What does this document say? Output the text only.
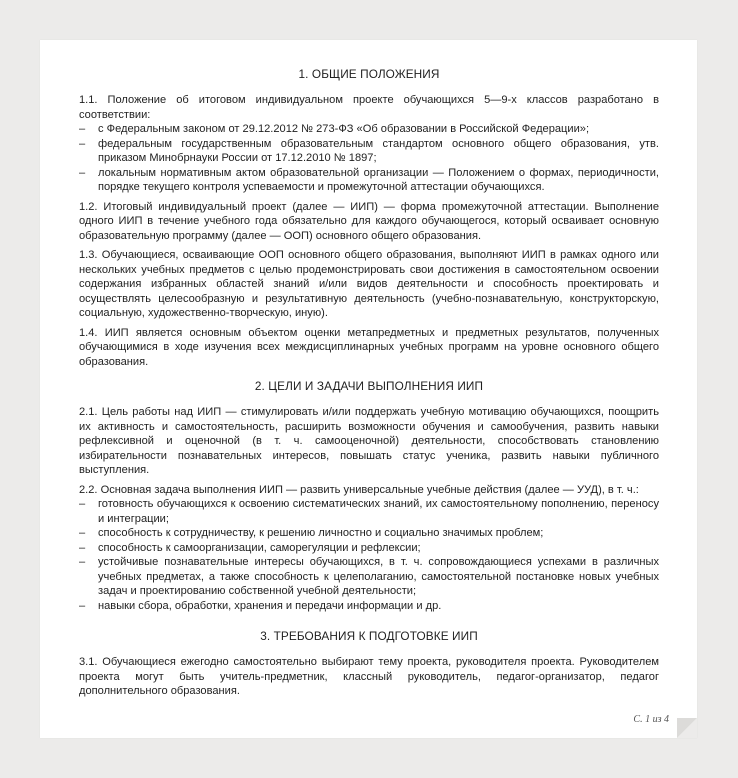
1. ОБЩИЕ ПОЛОЖЕНИЯ

1.1. Положение об итоговом индивидуальном проекте обучающихся 5—9-х классов разработано в соответствии:

– с Федеральным законом от 29.12.2012 № 273-ФЗ «Об образовании в Российской Федерации»;
– федеральным государственным образовательным стандартом основного общего образования, утв. приказом Минобрнауки России от 17.12.2010 № 1897;
– локальным нормативным актом образовательной организации — Положением о формах, периодичности, порядке текущего контроля успеваемости и промежуточной аттестации обучающихся.

1.2. Итоговый индивидуальный проект (далее — ИИП) — форма промежуточной аттестации. Выполнение одного ИИП в течение учебного года обязательно для каждого обучающегося, который осваивает основную образовательную программу (далее — ООП) основного общего образования.

1.3. Обучающиеся, осваивающие ООП основного общего образования, выполняют ИИП в рамках одного или нескольких учебных предметов с целью продемонстрировать свои достижения в самостоятельном освоении содержания избранных областей знаний и/или видов деятельности и способность проектировать и осуществлять целесообразную и результативную деятельность (учебно-познавательную, конструкторскую, социальную, художественно-творческую, иную).

1.4. ИИП является основным объектом оценки метапредметных и предметных результатов, полученных обучающимися в ходе изучения всех междисциплинарных учебных программ на уровне основного общего образования.

2. ЦЕЛИ И ЗАДАЧИ ВЫПОЛНЕНИЯ ИИП

2.1. Цель работы над ИИП — стимулировать и/или поддержать учебную мотивацию обучающихся, поощрить их активность и самостоятельность, расширить возможности обучения и самообучения, развить навыки рефлексивной и оценочной (в т. ч. самооценочной) деятельности, способствовать становлению избирательности познавательных интересов, повышать статус ученика, развить навыки публичного выступления.

2.2. Основная задача выполнения ИИП — развить универсальные учебные действия (далее — УУД), в т. ч.:

– готовность обучающихся к освоению систематических знаний, их самостоятельному пополнению, переносу и интеграции;
– способность к сотрудничеству, к решению личностно и социально значимых проблем;
– способность к самоорганизации, саморегуляции и рефлексии;
– устойчивые познавательные интересы обучающихся, в т. ч. сопровождающиеся успехами в различных учебных предметах, а также способность к целеполаганию, самостоятельной постановке новых учебных задач и проектированию собственной учебной деятельности;
– навыки сбора, обработки, хранения и передачи информации и др.
3. ТРЕБОВАНИЯ К ПОДГОТОВКЕ ИИП

3.1. Обучающиеся ежегодно самостоятельно выбирают тему проекта, руководителя проекта. Руководителем проекта могут быть учитель-предметник, классный руководитель, педагог-организатор, педагог дополнительного образования.

С. 1 из 4
